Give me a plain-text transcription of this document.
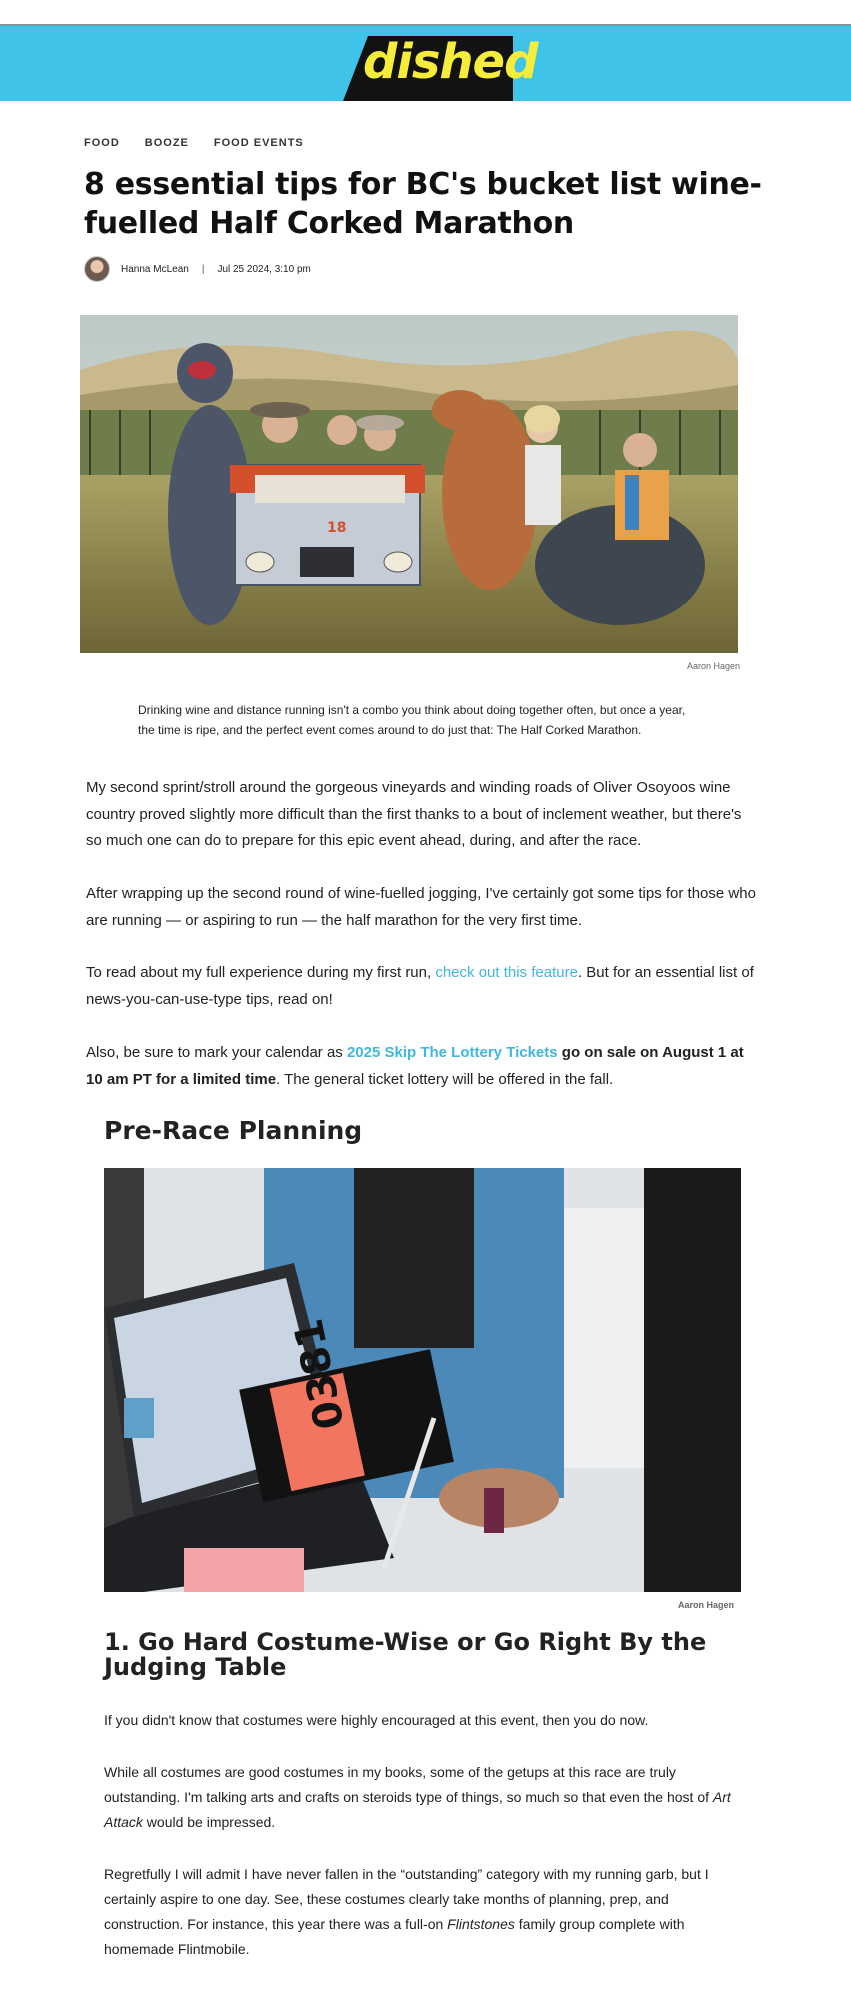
dished
FOOD BOOZE FOOD EVENTS
8 essential tips for BC's bucket list wine-fuelled Half Corked Marathon
Hanna McLean | Jul 25 2024, 3:10 pm
18
Aaron Hagen

Drinking wine and distance running isn't a combo you think about doing together often, but once a year, the time is ripe, and the perfect event comes around to do just that: The Half Corked Marathon.

My second sprint/stroll around the gorgeous vineyards and winding roads of Oliver Osoyoos wine country proved slightly more difficult than the first thanks to a bout of inclement weather, but there's so much one can do to prepare for this epic event ahead, during, and after the race.

After wrapping up the second round of wine-fuelled jogging, I've certainly got some tips for those who are running — or aspiring to run — the half marathon for the very first time.

To read about my full experience during my first run, check out this feature. But for an essential list of news-you-can-use-type tips, read on!

Also, be sure to mark your calendar as 2025 Skip The Lottery Tickets go on sale on August 1 at 10 am PT for a limited time. The general ticket lottery will be offered in the fall.

Pre-Race Planning
0381
Aaron Hagen
1. Go Hard Costume-Wise or Go Right By the Judging Table

If you didn't know that costumes were highly encouraged at this event, then you do now.

While all costumes are good costumes in my books, some of the getups at this race are truly outstanding. I'm talking arts and crafts on steroids type of things, so much so that even the host of Art Attack would be impressed.

Regretfully I will admit I have never fallen in the “outstanding” category with my running garb, but I certainly aspire to one day. See, these costumes clearly take months of planning, prep, and construction. For instance, this year there was a full-on Flintstones family group complete with homemade Flintmobile.
